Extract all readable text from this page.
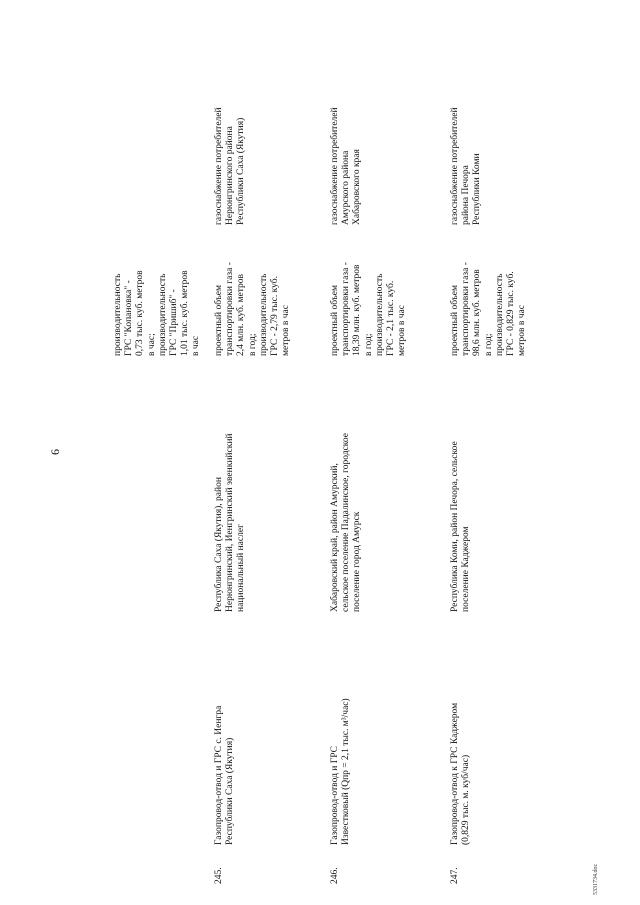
6
производительность ГРС "Копановка" - 0,73 тыс. куб. метров в час; производительность ГРС "Пришиб" - 1,01 тыс. куб. метров в час
245.
Газопровод-отвод и ГРС с. Иенгра Республики Саха (Якутия)
Республика Саха (Якутия), район Нерюнгринский, Иенгринский эвенкийский национальный наслег
проектный объем транспортировки газа - 2,4 млн. куб. метров в год; производительность ГРС - 2,79 тыс. куб. метров в час
газоснабжение потребителей Нерюнгринского района Республики Саха (Якутия)
246.
Газопровод-отвод и ГРС Известковый (Qпр = 2,1 тыс. м³/час)
Хабаровский край, район Амурский, сельское поселение Падалинское, городское поселение город Амурск
проектный объем транспортировки газа - 18,39 млн. куб. метров в год; производительность ГРС - 2,1 тыс. куб. метров в час
газоснабжение потребителей Амурского района Хабаровского края
247.
Газопровод-отвод к ГРС Каджером (0,829 тыс. м. куб/час)
Республика Коми, район Печора, сельское поселение Каджером
проектный объем транспортировки газа - 98,6 млн. куб. метров в год; производительность ГРС - 0,829 тыс. куб. метров в час
газоснабжение потребителей района Печора Республики Коми
5331734.doc
